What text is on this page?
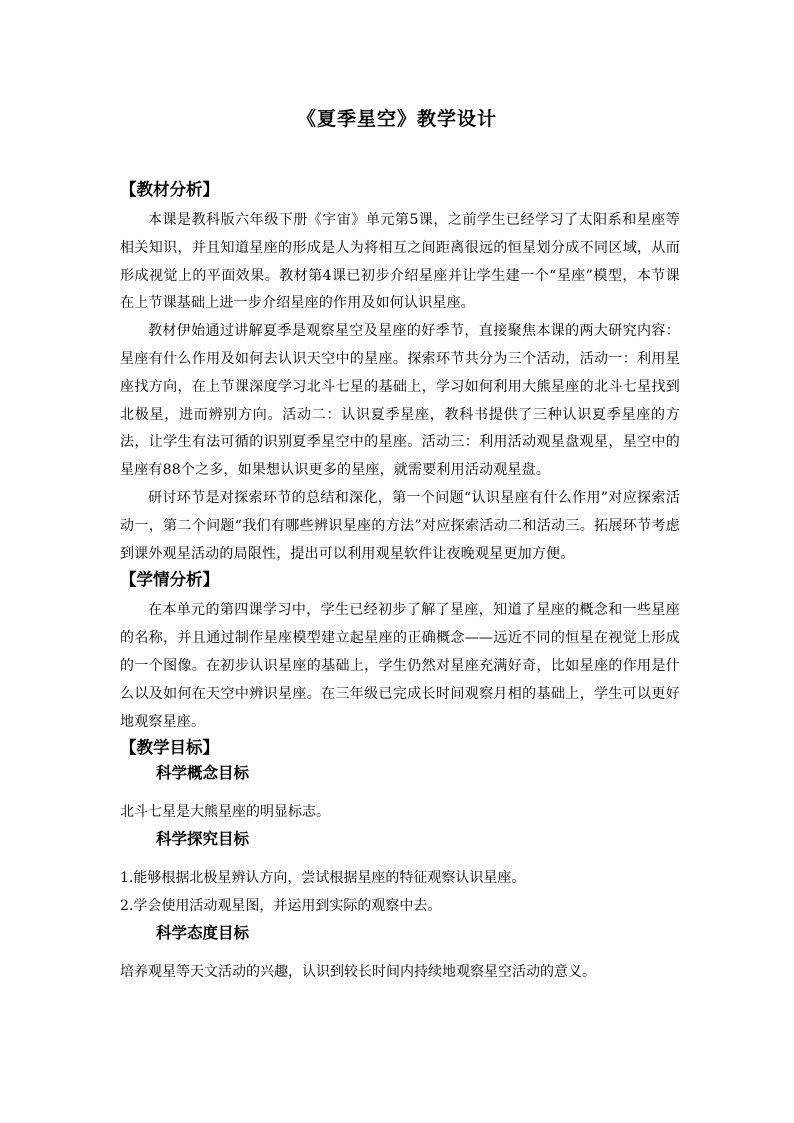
《夏季星空》教学设计

【教材分析】

本课是教科版六年级下册《宇宙》单元第5课，之前学生已经学习了太阳系和星座等相关知识，并且知道星座的形成是人为将相互之间距离很远的恒星划分成不同区域，从而形成视觉上的平面效果。教材第4课已初步介绍星座并让学生建一个“星座”模型，本节课在上节课基础上进一步介绍星座的作用及如何认识星座。

教材伊始通过讲解夏季是观察星空及星座的好季节，直接聚焦本课的两大研究内容：星座有什么作用及如何去认识天空中的星座。探索环节共分为三个活动，活动一：利用星座找方向，在上节课深度学习北斗七星的基础上，学习如何利用大熊星座的北斗七星找到北极星，进而辨别方向。活动二：认识夏季星座，教科书提供了三种认识夏季星座的方法，让学生有法可循的识别夏季星空中的星座。活动三：利用活动观星盘观星，星空中的星座有88个之多，如果想认识更多的星座，就需要利用活动观星盘。

研讨环节是对探索环节的总结和深化，第一个问题“认识星座有什么作用”对应探索活动一，第二个问题“我们有哪些辨识星座的方法”对应探索活动二和活动三。拓展环节考虑到课外观星活动的局限性，提出可以利用观星软件让夜晚观星更加方便。

【学情分析】

在本单元的第四课学习中，学生已经初步了解了星座，知道了星座的概念和一些星座的名称，并且通过制作星座模型建立起星座的正确概念——远近不同的恒星在视觉上形成的一个图像。在初步认识星座的基础上，学生仍然对星座充满好奇，比如星座的作用是什么以及如何在天空中辨识星座。在三年级已完成长时间观察月相的基础上，学生可以更好地观察星座。

【教学目标】

科学概念目标

北斗七星是大熊星座的明显标志。

科学探究目标

1.能够根据北极星辨认方向，尝试根据星座的特征观察认识星座。

2.学会使用活动观星图，并运用到实际的观察中去。

科学态度目标

培养观星等天文活动的兴趣，认识到较长时间内持续地观察星空活动的意义。
